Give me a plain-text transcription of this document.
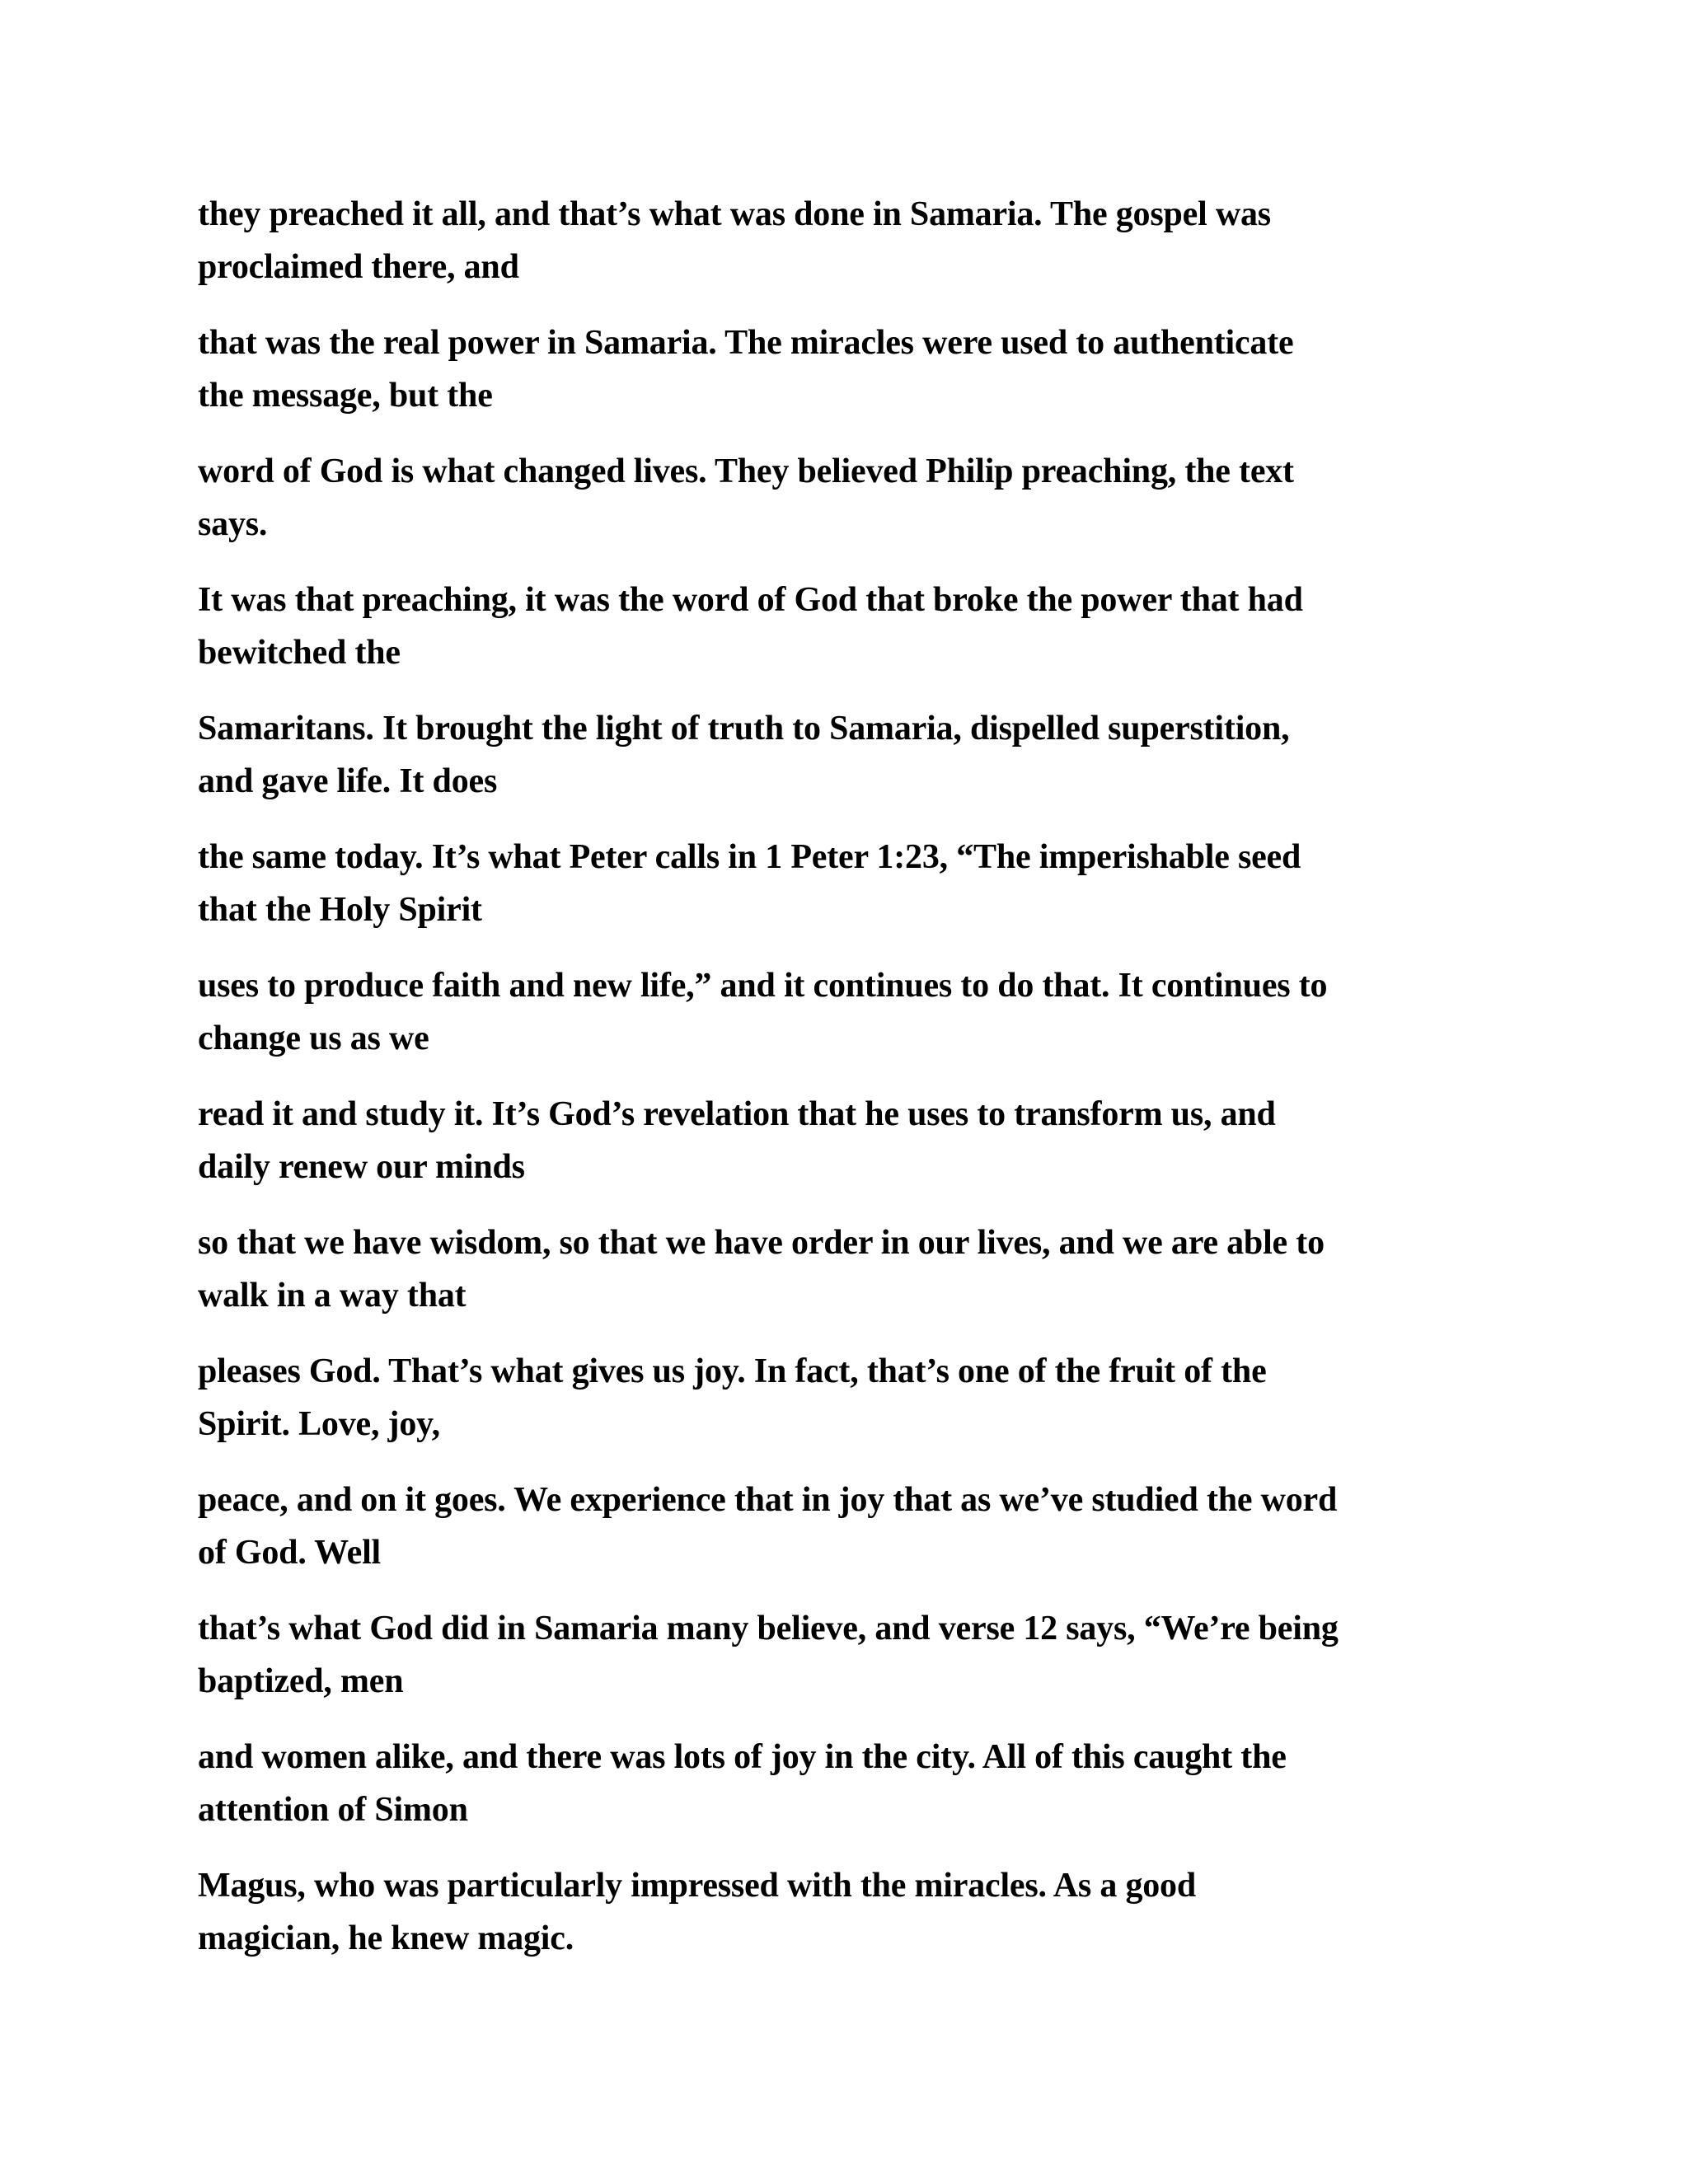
they preached it all, and that’s what was done in Samaria. The gospel was
proclaimed there, and

that was the real power in Samaria. The miracles were used to authenticate
the message, but the

word of God is what changed lives. They believed Philip preaching, the text
says.

It was that preaching, it was the word of God that broke the power that had
bewitched the

Samaritans. It brought the light of truth to Samaria, dispelled superstition,
and gave life. It does

the same today. It’s what Peter calls in 1 Peter 1:23, “The imperishable seed
that the Holy Spirit

uses to produce faith and new life,” and it continues to do that. It continues to
change us as we

read it and study it. It’s God’s revelation that he uses to transform us, and
daily renew our minds

so that we have wisdom, so that we have order in our lives, and we are able to
walk in a way that

pleases God. That’s what gives us joy. In fact, that’s one of the fruit of the
Spirit. Love, joy,

peace, and on it goes. We experience that in joy that as we’ve studied the word
of God. Well

that’s what God did in Samaria many believe, and verse 12 says, “We’re being
baptized, men

and women alike, and there was lots of joy in the city. All of this caught the
attention of Simon

Magus, who was particularly impressed with the miracles. As a good
magician, he knew magic.
